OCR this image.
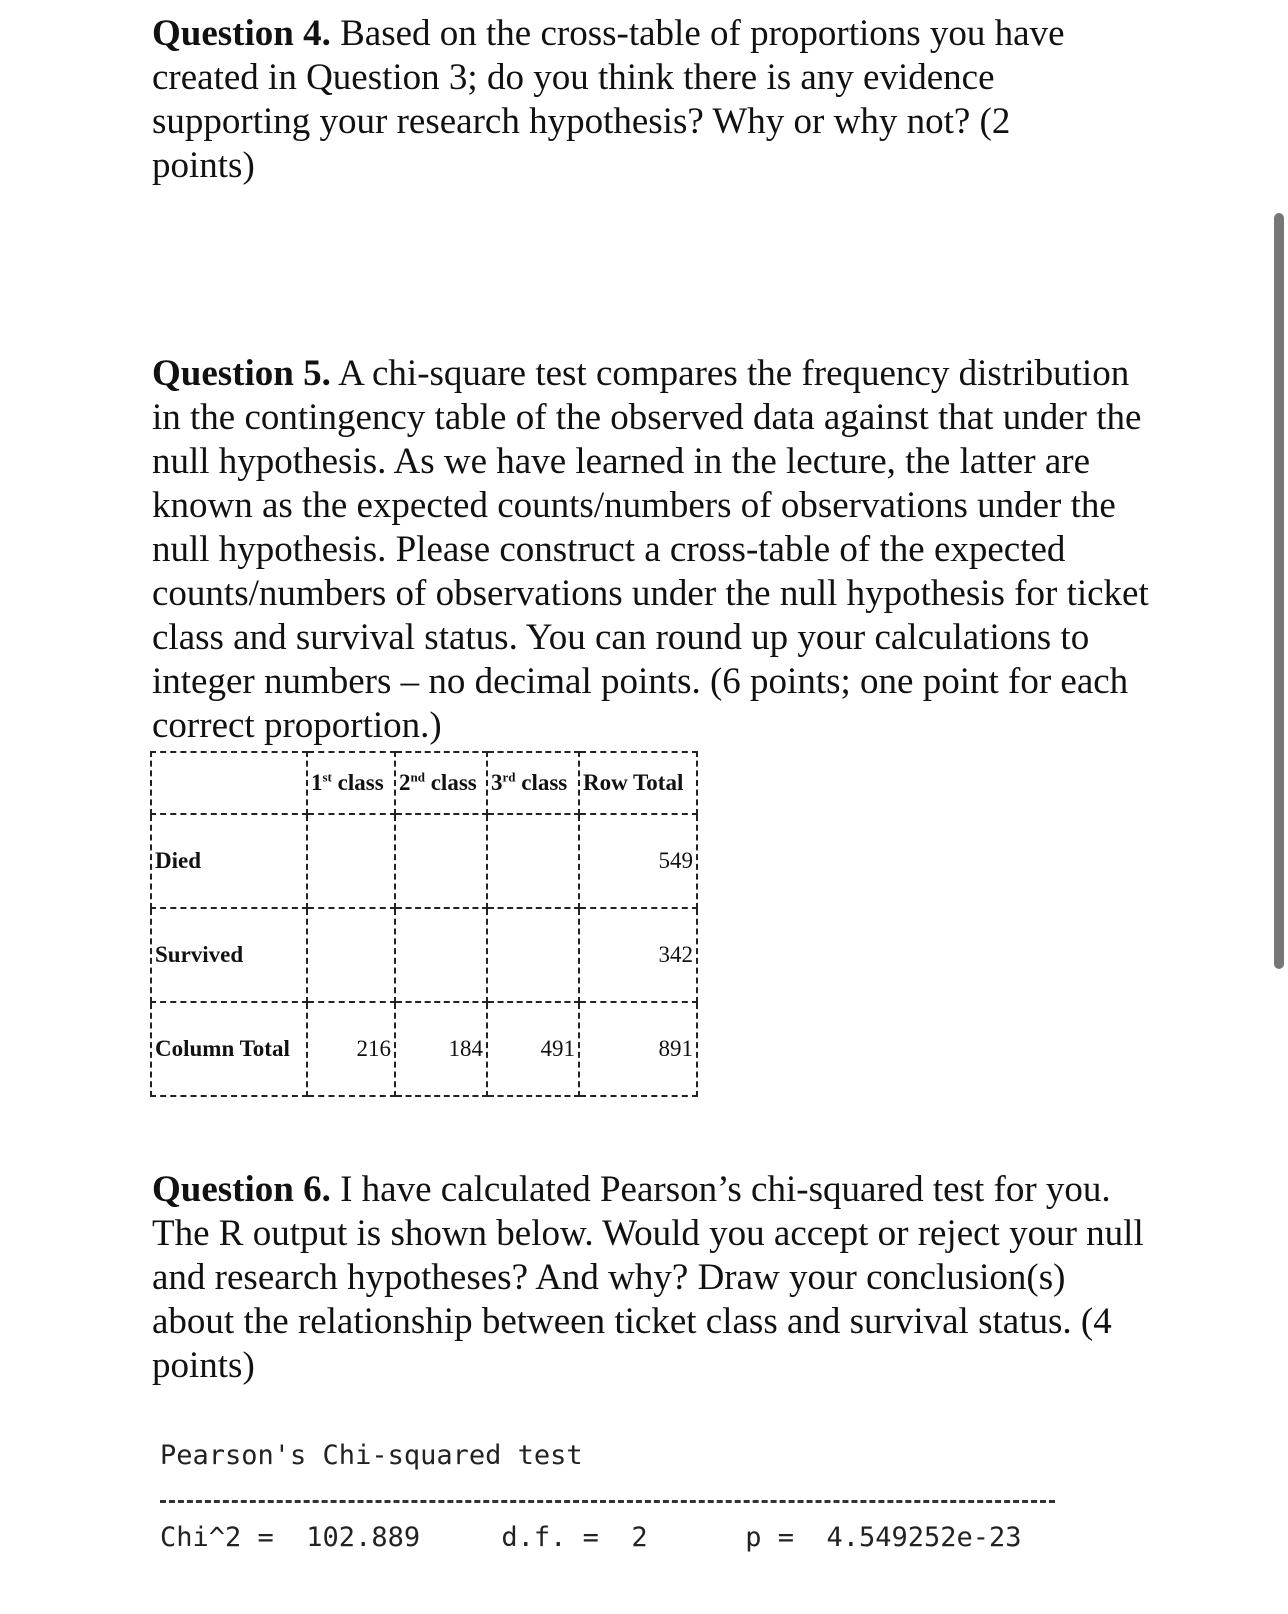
Question 4. Based on the cross-table of proportions you have created in Question 3; do you think there is any evidence supporting your research hypothesis? Why or why not? (2 points)
Question 5. A chi-square test compares the frequency distribution in the contingency table of the observed data against that under the null hypothesis. As we have learned in the lecture, the latter are known as the expected counts/numbers of observations under the null hypothesis. Please construct a cross-table of the expected counts/numbers of observations under the null hypothesis for ticket class and survival status. You can round up your calculations to integer numbers – no decimal points. (6 points; one point for each correct proportion.)
	1st class	2nd class	3rd class	Row Total
Died				549
Survived				342
Column Total	216	184	491	891
Question 6. I have calculated Pearson’s chi-squared test for you. The R output is shown below. Would you accept or reject your null and research hypotheses? And why? Draw your conclusion(s) about the relationship between ticket class and survival status. (4 points)
Pearson's Chi-squared test
Chi^2 =  102.889     d.f. =  2      p =  4.549252e-23
